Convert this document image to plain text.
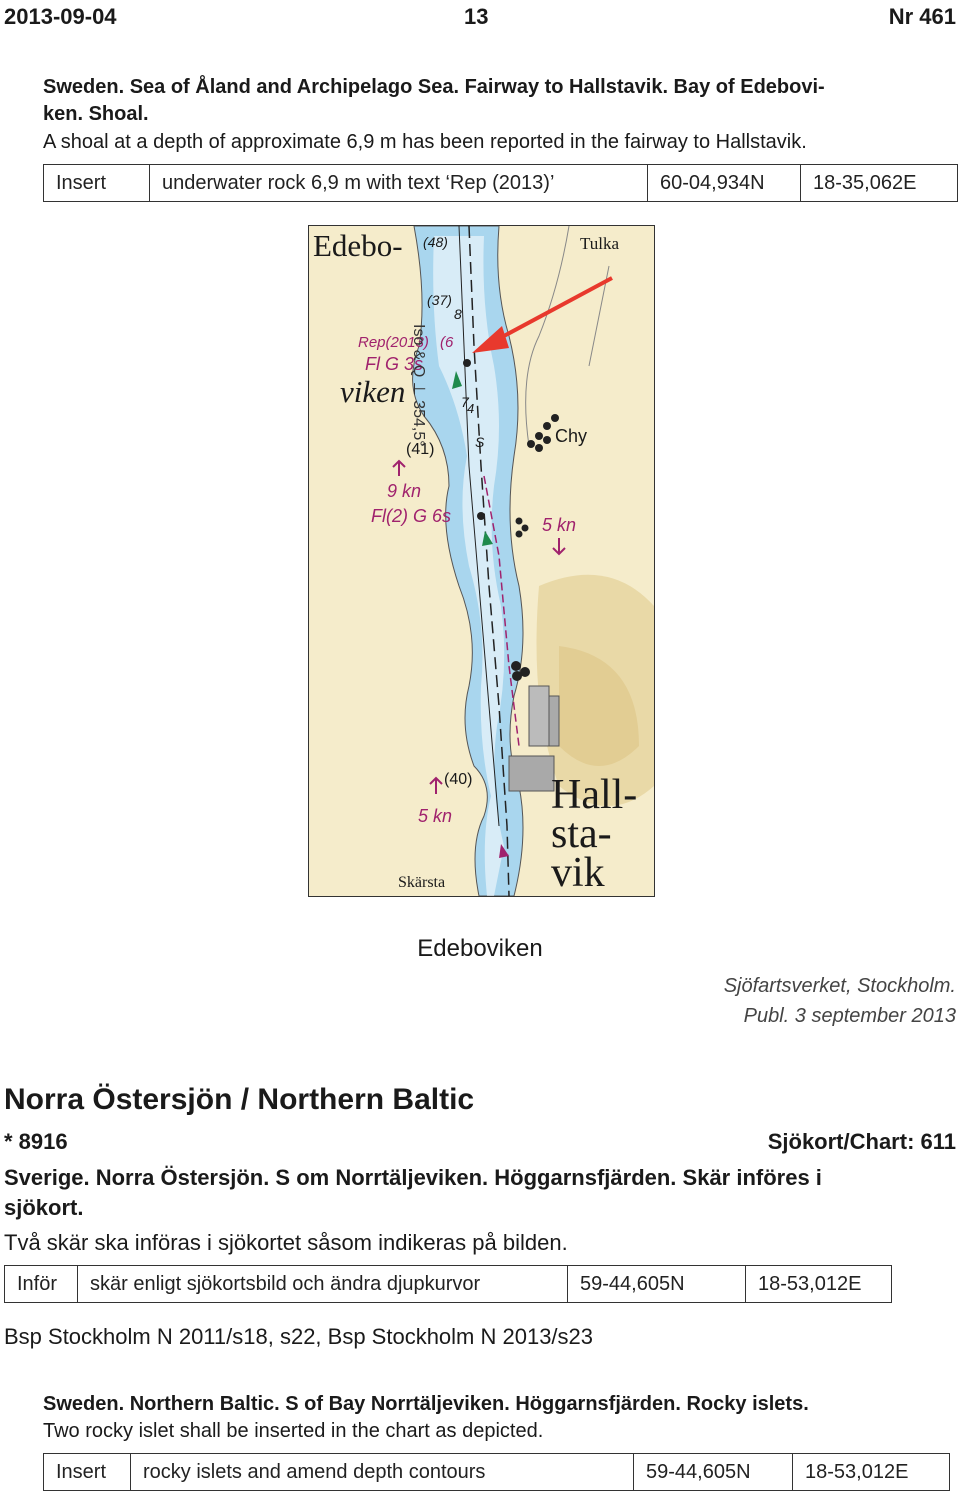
2013-09-04	13	Nr 461
Sweden. Sea of Åland and Archipelago Sea. Fairway to Hallstavik. Bay of Edebovi-
ken. Shoal.
A shoal at a depth of approximate 6,9 m has been reported in the fairway to Hallstavik.
Insert	underwater rock 6,9 m with text ‘Rep (2013)’	60-04,934N	18-35,062E
Edebo-
viken
Tulka
Rep(2013) (6
Fl G 3s
Chy
(41)
9 kn
Fl(2) G 6s	5 kn
(40)
5 kn
Skärsta
Hall-
sta-
vik
Iso & Q ⊥ 354,5°
(48)
(37)
8
7
4
S
Edeboviken
Sjöfartsverket, Stockholm.
Publ. 3 september 2013
Norra Östersjön / Northern Baltic
* 8916	Sjökort/Chart: 611
Sverige. Norra Östersjön. S om Norrtäljeviken. Höggarnsfjärden. Skär införes i
sjökort.
Två skär ska införas i sjökortet såsom indikeras på bilden.
Inför	skär enligt sjökortsbild och ändra djupkurvor	59-44,605N	18-53,012E
Bsp Stockholm N 2011/s18, s22, Bsp Stockholm N 2013/s23
Sweden. Northern Baltic. S of Bay Norrtäljeviken. Höggarnsfjärden. Rocky islets.
Two rocky islet shall be inserted in the chart as depicted.
Insert	rocky islets and amend depth contours	59-44,605N	18-53,012E
